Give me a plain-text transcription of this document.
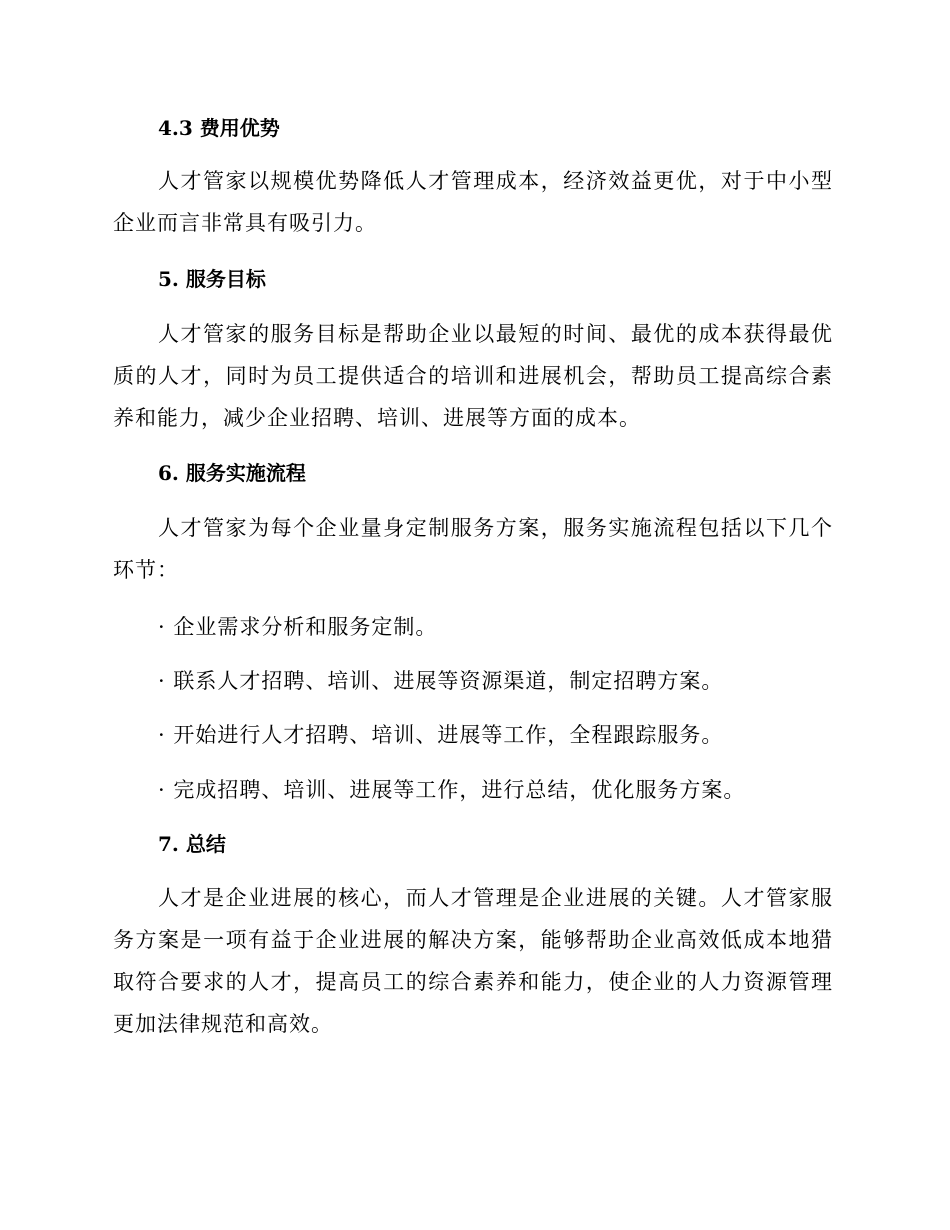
4.3 费用优势
人才管家以规模优势降低人才管理成本，经济效益更优，对于中小型企业而言非常具有吸引力。
5. 服务目标
人才管家的服务目标是帮助企业以最短的时间、最优的成本获得最优质的人才，同时为员工提供适合的培训和进展机会，帮助员工提高综合素养和能力，减少企业招聘、培训、进展等方面的成本。
6. 服务实施流程
人才管家为每个企业量身定制服务方案，服务实施流程包括以下几个环节：
· 企业需求分析和服务定制。
· 联系人才招聘、培训、进展等资源渠道，制定招聘方案。
· 开始进行人才招聘、培训、进展等工作，全程跟踪服务。
· 完成招聘、培训、进展等工作，进行总结，优化服务方案。
7. 总结
人才是企业进展的核心，而人才管理是企业进展的关键。人才管家服务方案是一项有益于企业进展的解决方案，能够帮助企业高效低成本地猎取符合要求的人才，提高员工的综合素养和能力，使企业的人力资源管理更加法律规范和高效。
